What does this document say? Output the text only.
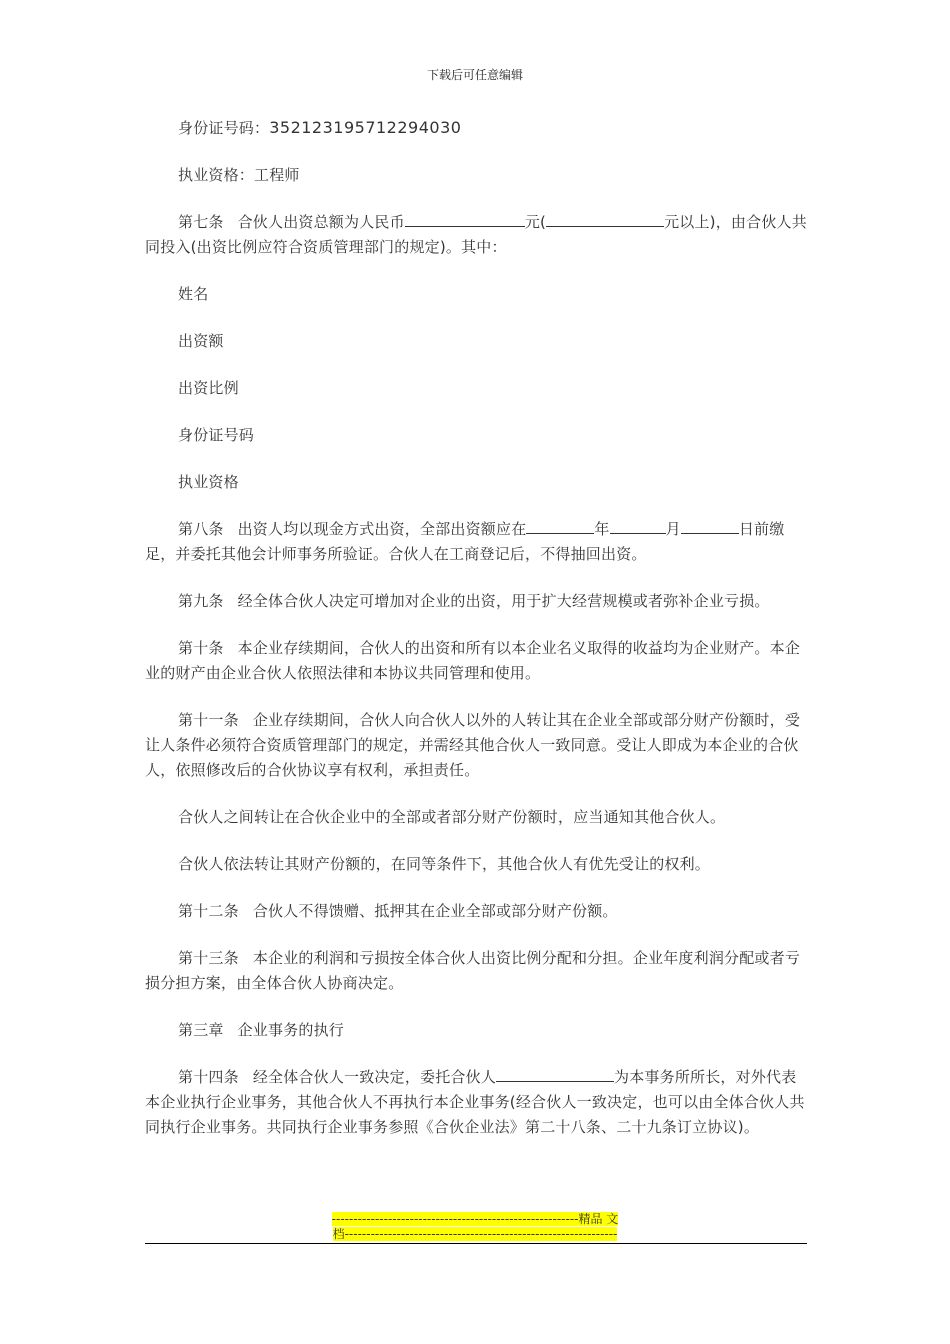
下载后可任意编辑

身份证号码：352123195712294030

执业资格：工程师

第七条 合伙人出资总额为人民币	元(	元以上)，由合伙人共同投入(出资比例应符合资质管理部门的规定)。其中：

姓名

出资额

出资比例

身份证号码

执业资格

第八条 出资人均以现金方式出资，全部出资额应在	年	月	日前缴足，并委托其他会计师事务所验证。合伙人在工商登记后，不得抽回出资。

第九条 经全体合伙人决定可增加对企业的出资，用于扩大经营规模或者弥补企业亏损。

第十条 本企业存续期间，合伙人的出资和所有以本企业名义取得的收益均为企业财产。本企业的财产由企业合伙人依照法律和本协议共同管理和使用。

第十一条 企业存续期间，合伙人向合伙人以外的人转让其在企业全部或部分财产份额时，受让人条件必须符合资质管理部门的规定，并需经其他合伙人一致同意。受让人即成为本企业的合伙人，依照修改后的合伙协议享有权利，承担责任。

合伙人之间转让在合伙企业中的全部或者部分财产份额时，应当通知其他合伙人。

合伙人依法转让其财产份额的，在同等条件下，其他合伙人有优先受让的权利。

第十二条 合伙人不得馈赠、抵押其在企业全部或部分财产份额。

第十三条 本企业的利润和亏损按全体合伙人出资比例分配和分担。企业年度利润分配或者亏损分担方案，由全体合伙人协商决定。

第三章 企业事务的执行

第十四条 经全体合伙人一致决定，委托合伙人	为本事务所所长，对外代表本企业执行企业事务，其他合伙人不再执行本企业事务(经合伙人一致决定，也可以由全体合伙人共同执行企业事务。共同执行企业事务参照《合伙企业法》第二十八条、二十九条订立协议)。

---------------------------------------------------------精品 文
档---------------------------------------------------------------
